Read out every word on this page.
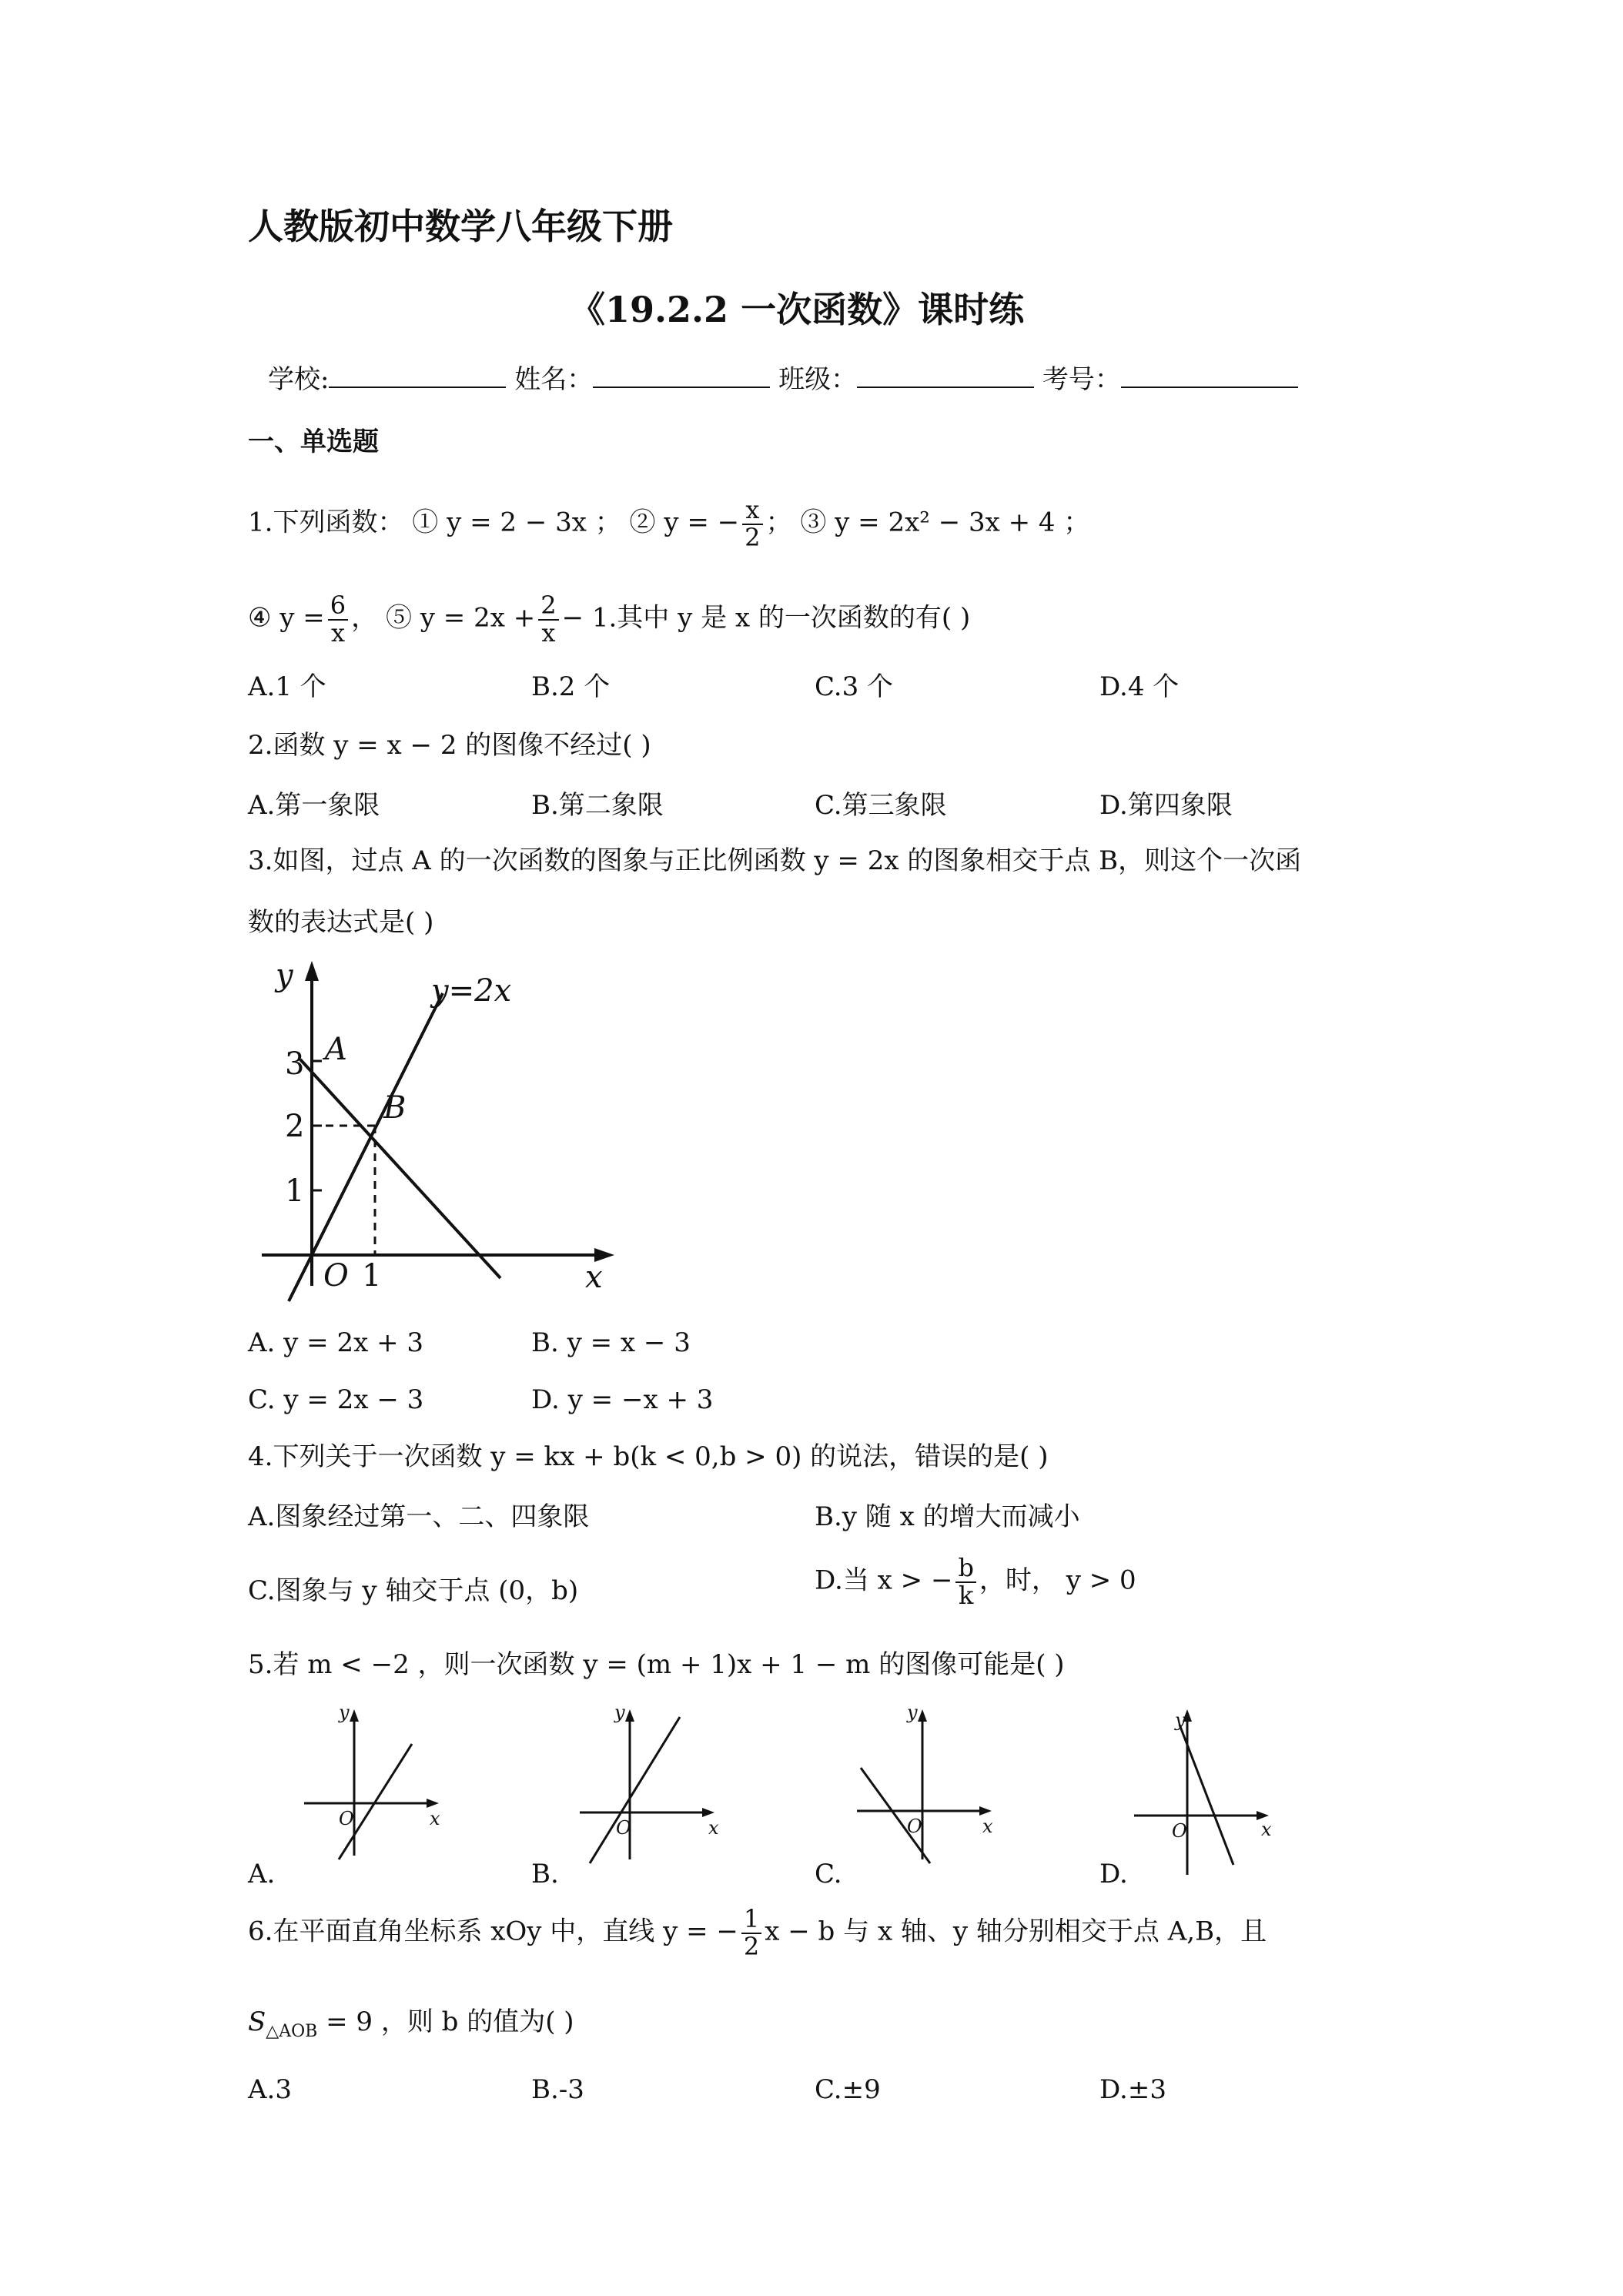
人教版初中数学八年级下册
《19.2.2 一次函数》课时练
学校:	姓名：	班级：	考号：
一、单选题
1.下列函数： ① y = 2 − 3x ； ② y = − $\frac{x}{2}$ ； ③ y = 2x² − 3x + 4 ；
④ $y = \frac{6}{x}$ ， ⑤ $y = 2x + \frac{2}{x} - 1$.其中 y 是 x 的一次函数的有( )
A.1 个	B.2 个	C.3 个	D.4 个
2.函数 y = x − 2 的图像不经过( )
A.第一象限	B.第二象限	C.第三象限	D.第四象限
3.如图，过点 A 的一次函数的图象与正比例函数 y = 2x 的图象相交于点 B，则这个一次函
数的表达式是( )
y
x
O 1
1
2
3 A
B
y=2x
A. y = 2x + 3	B. y = x − 3
C. y = 2x − 3	D. y = −x + 3
4.下列关于一次函数 y = kx + b(k < 0,b > 0) 的说法，错误的是( )
A.图象经过第一、二、四象限	B.y 随 x 的增大而减小
C.图象与 y 轴交于点 (0，b)	D.当 x > − $\frac{b}{k}$ ，时， y > 0
5.若 m < −2 ，则一次函数 y = (m + 1)x + 1 − m 的图像可能是( )
y
x
O
A.
y
x
O
B.
y
x
O
C.
y
x
O
D.
6.在平面直角坐标系 xOy 中，直线 y = − $\frac{1}{2}$ x − b 与 x 轴、y 轴分别相交于点 A,B，且
$S_{\triangle AOB} = 9$ ，则 b 的值为( )
A.3	B.-3	C.±9	D.±3
